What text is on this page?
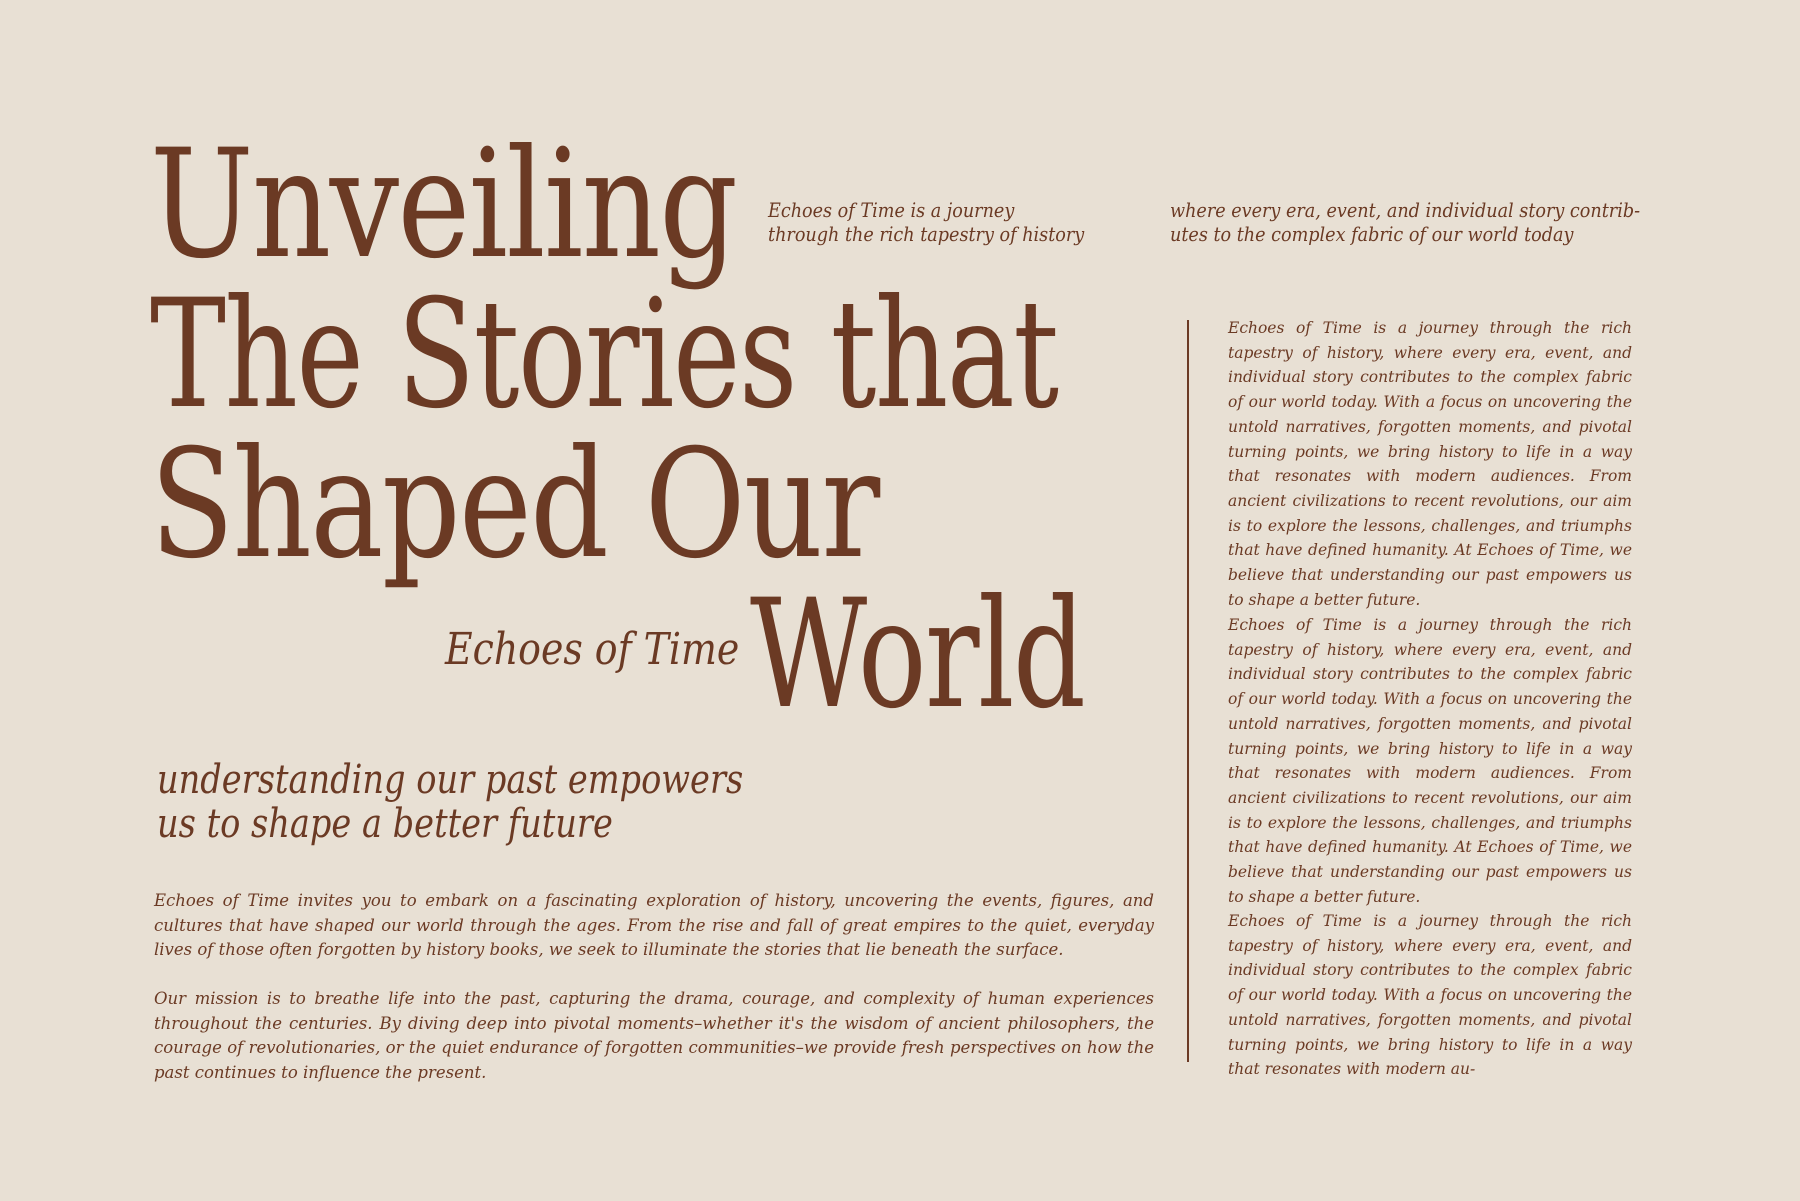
Unveiling
The Stories that
Shaped Our
World
Echoes of Time
Echoes of Time is a journey
through the rich tapestry of history
where every era, event, and individual story contrib-
utes to the complex fabric of our world today
understanding our past empowers
us to shape a better future

Echoes of Time invites you to embark on a fascinating exploration of history, uncovering the events, figures, and cultures that have shaped our world through the ages. From the rise and fall of great empires to the quiet, everyday lives of those often forgotten by history books, we seek to illuminate the stories that lie beneath the surface.

Our mission is to breathe life into the past, capturing the drama, courage, and complexity of human experiences throughout the centuries. By diving deep into pivotal moments–whether it's the wisdom of ancient philosophers, the courage of revolutionaries, or the quiet endurance of forgotten communities–we provide fresh perspectives on how the past continues to influence the present.

Echoes of Time is a journey through the rich tapestry of history, where every era, event, and individual story contributes to the complex fabric of our world today. With a focus on uncovering the untold narratives, forgotten moments, and pivotal turning points, we bring history to life in a way that resonates with modern audiences. From ancient civilizations to recent revolutions, our aim is to explore the lessons, challenges, and triumphs that have defined humanity. At Echoes of Time, we believe that understanding our past empowers us to shape a better future.

Echoes of Time is a journey through the rich tapestry of history, where every era, event, and individual story contributes to the complex fabric of our world today. With a focus on uncovering the untold narratives, forgotten moments, and pivotal turning points, we bring history to life in a way that resonates with modern audiences. From ancient civilizations to recent revolutions, our aim is to explore the lessons, challenges, and triumphs that have defined humanity. At Echoes of Time, we believe that understanding our past empowers us to shape a better future.

Echoes of Time is a journey through the rich tapestry of history, where every era, event, and individual story contributes to the complex fabric of our world today. With a focus on uncovering the untold narratives, forgotten moments, and pivotal turning points, we bring history to life in a way that resonates with modern au-
